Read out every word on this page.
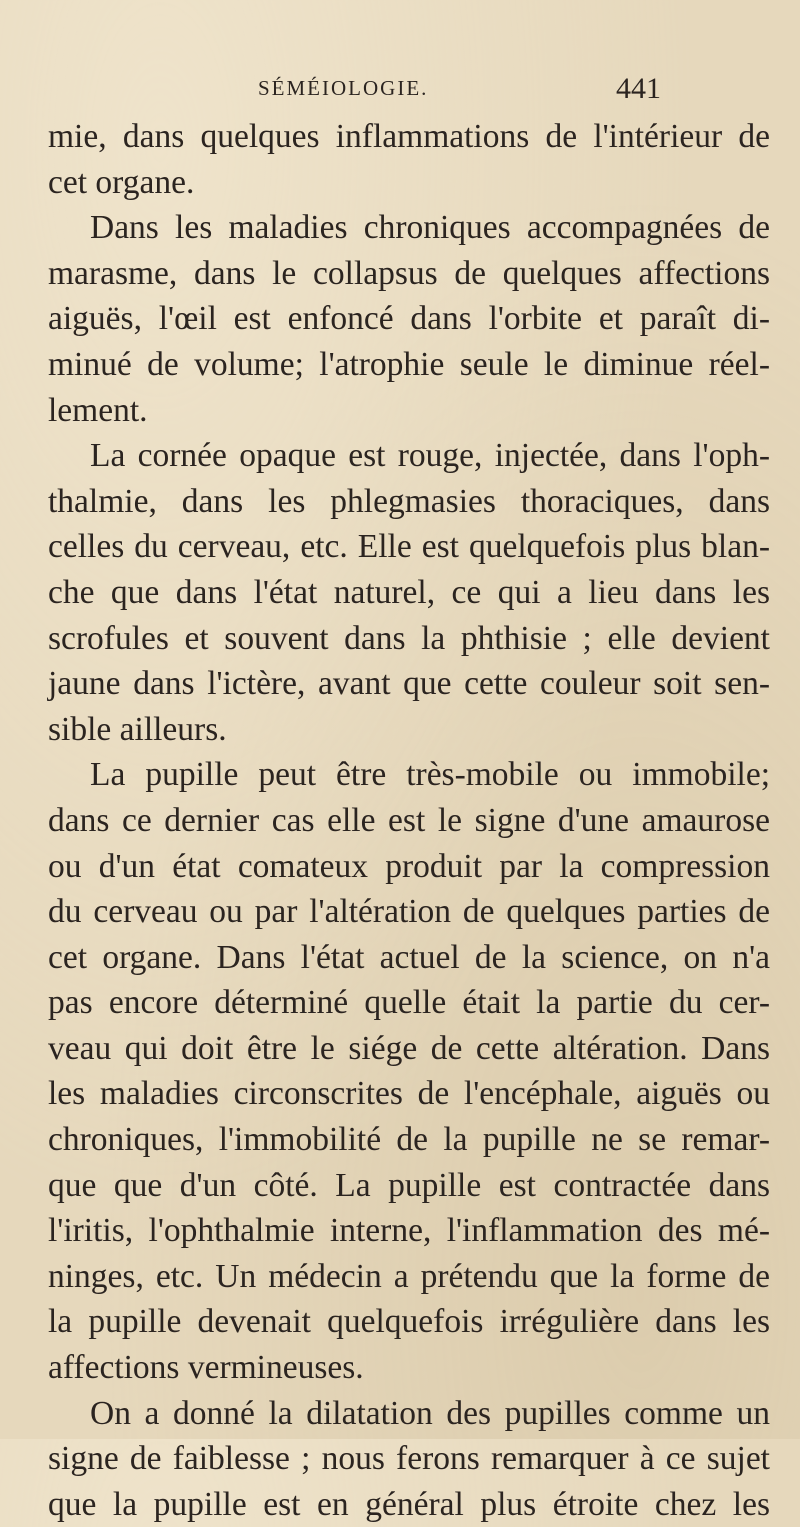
SÉMÉIOLOGIE.	441
mie, dans quelques inflammations de l'intérieur de
cet organe.
Dans les maladies chroniques accompagnées de
marasme, dans le collapsus de quelques affections
aiguës, l'œil est enfoncé dans l'orbite et paraît di-
minué de volume; l'atrophie seule le diminue réel-
lement.
La cornée opaque est rouge, injectée, dans l'oph-
thalmie, dans les phlegmasies thoraciques, dans
celles du cerveau, etc. Elle est quelquefois plus blan-
che que dans l'état naturel, ce qui a lieu dans les
scrofules et souvent dans la phthisie ; elle devient
jaune dans l'ictère, avant que cette couleur soit sen-
sible ailleurs.
La pupille peut être très-mobile ou immobile;
dans ce dernier cas elle est le signe d'une amaurose
ou d'un état comateux produit par la compression
du cerveau ou par l'altération de quelques parties de
cet organe. Dans l'état actuel de la science, on n'a
pas encore déterminé quelle était la partie du cer-
veau qui doit être le siége de cette altération. Dans
les maladies circonscrites de l'encéphale, aiguës ou
chroniques, l'immobilité de la pupille ne se remar-
que que d'un côté. La pupille est contractée dans
l'iritis, l'ophthalmie interne, l'inflammation des mé-
ninges, etc. Un médecin a prétendu que la forme de
la pupille devenait quelquefois irrégulière dans les
affections vermineuses.
On a donné la dilatation des pupilles comme un
signe de faiblesse ; nous ferons remarquer à ce sujet
que la pupille est en général plus étroite chez les
